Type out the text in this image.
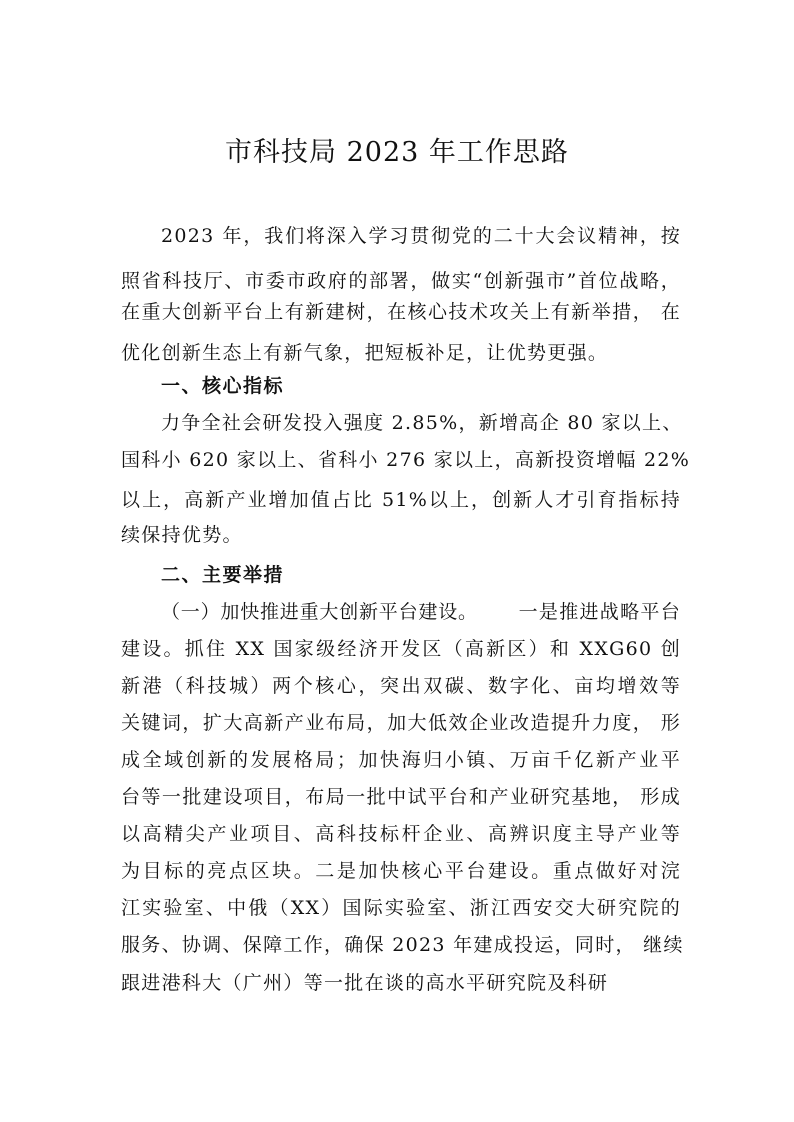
市科技局 2023 年工作思路
2023 年，我们将深入学习贯彻党的二十大会议精神，按
照省科技厅、市委市政府的部署，做实“创新强市”首位战略，
在重大创新平台上有新建树，在核心技术攻关上有新举措， 在
优化创新生态上有新气象，把短板补足，让优势更强。
一、核心指标
力争全社会研发投入强度 2.85%，新增高企 80 家以上、
国科小 620 家以上、省科小 276 家以上，高新投资增幅 22%
以上，高新产业增加值占比 51%以上，创新人才引育指标持
续保持优势。
二、主要举措
（一）加快推进重大创新平台建设。 一是推进战略平台
建设。抓住 XX 国家级经济开发区（高新区）和 XXG60 创
新港（科技城）两个核心，突出双碳、数字化、亩均增效等
关键词，扩大高新产业布局，加大低效企业改造提升力度， 形
成全域创新的发展格局；加快海归小镇、万亩千亿新产业平
台等一批建设项目，布局一批中试平台和产业研究基地， 形成
以高精尖产业项目、高科技标杆企业、高辨识度主导产业等
为目标的亮点区块。二是加快核心平台建设。重点做好对浣
江实验室、中俄（XX）国际实验室、浙江西安交大研究院的
服务、协调、保障工作，确保 2023 年建成投运，同时， 继续
跟进港科大（广州）等一批在谈的高水平研究院及科研
